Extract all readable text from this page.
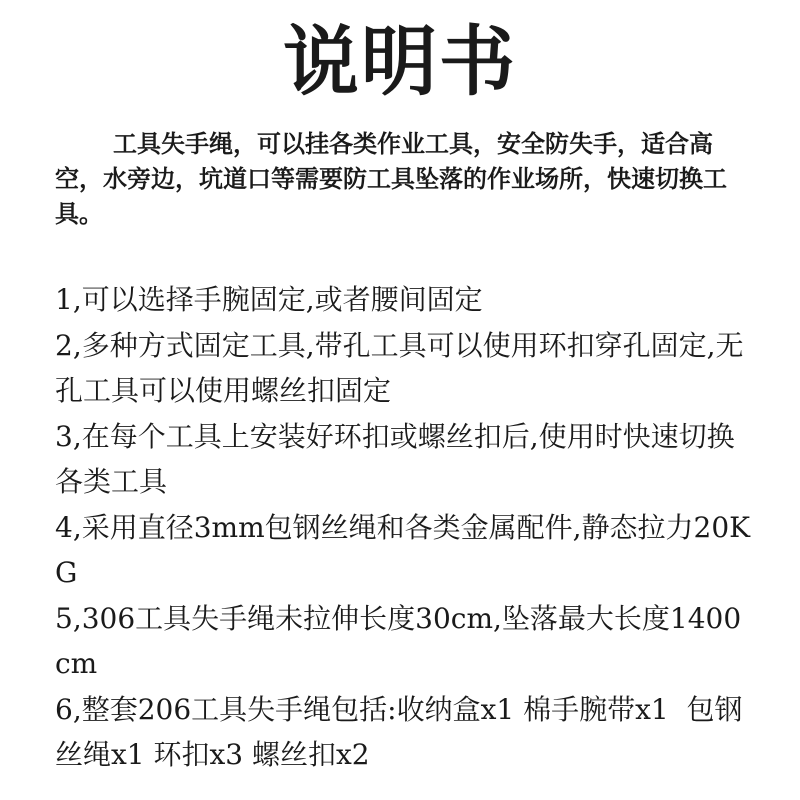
说明书

工具失手绳，可以挂各类作业工具，安全防失手，适合高空，水旁边，坑道口等需要防工具坠落的作业场所，快速切换工具。

1,可以选择手腕固定,或者腰间固定
2,多种方式固定工具,带孔工具可以使用环扣穿孔固定,无孔工具可以使用螺丝扣固定
3,在每个工具上安装好环扣或螺丝扣后,使用时快速切换各类工具
4,采用直径3mm包钢丝绳和各类金属配件,静态拉力20KG
5,306工具失手绳未拉伸长度30cm,坠落最大长度1400cm
6,整套206工具失手绳包括:收纳盒x1 棉手腕带x1  包钢丝绳x1 环扣x3 螺丝扣x2
